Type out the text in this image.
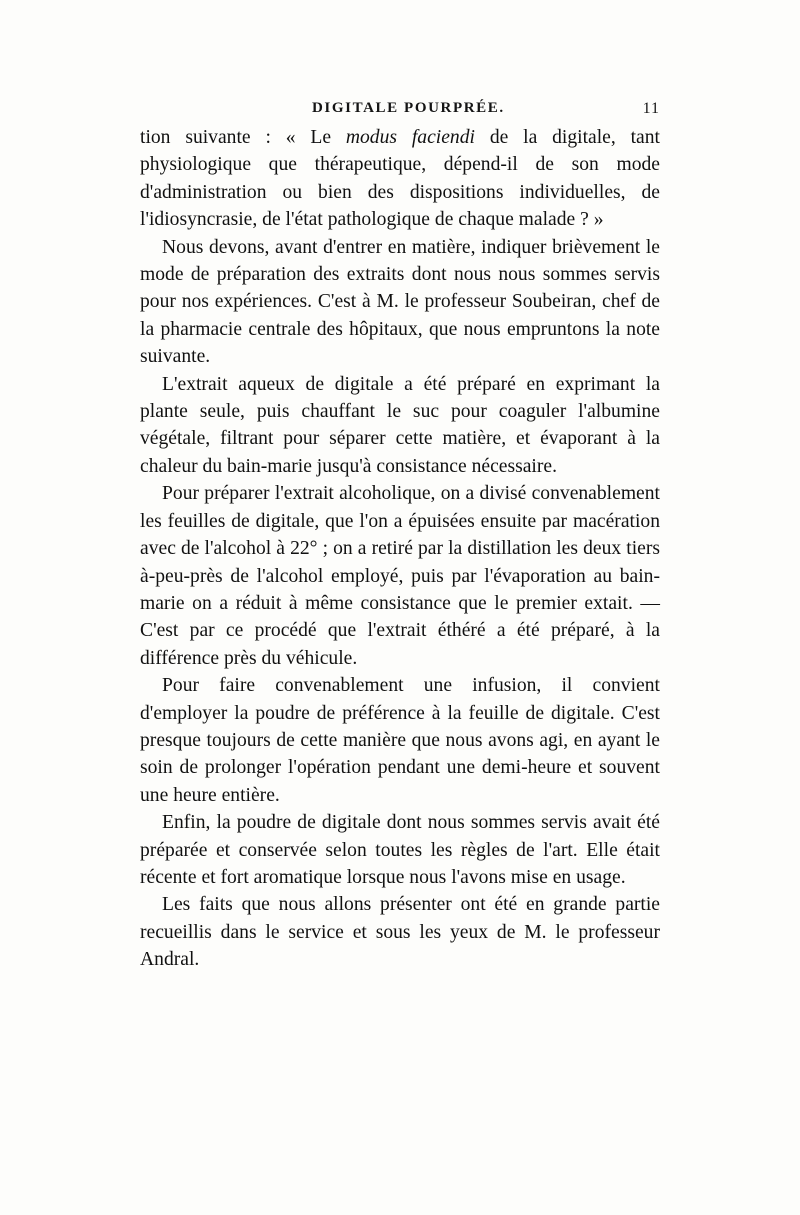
DIGITALE POURPRÉE.	11

tion suivante : « Le modus faciendi de la digitale, tant physiologique que thérapeutique, dépend-il de son mode d'administration ou bien des dispositions individuelles, de l'idiosyncrasie, de l'état pathologique de chaque malade ? »

Nous devons, avant d'entrer en matière, indiquer brièvement le mode de préparation des extraits dont nous nous sommes servis pour nos expériences. C'est à M. le professeur Soubeiran, chef de la pharmacie centrale des hôpitaux, que nous empruntons la note suivante.

L'extrait aqueux de digitale a été préparé en exprimant la plante seule, puis chauffant le suc pour coaguler l'albumine végétale, filtrant pour séparer cette matière, et évaporant à la chaleur du bain-marie jusqu'à consistance nécessaire.

Pour préparer l'extrait alcoholique, on a divisé convenablement les feuilles de digitale, que l'on a épuisées ensuite par macération avec de l'alcohol à 22° ; on a retiré par la distillation les deux tiers à-peu-près de l'alcohol employé, puis par l'évaporation au bain-marie on a réduit à même consistance que le premier extait. — C'est par ce procédé que l'extrait éthéré a été préparé, à la différence près du véhicule.

Pour faire convenablement une infusion, il convient d'employer la poudre de préférence à la feuille de digitale. C'est presque toujours de cette manière que nous avons agi, en ayant le soin de prolonger l'opération pendant une demi-heure et souvent une heure entière.

Enfin, la poudre de digitale dont nous sommes servis avait été préparée et conservée selon toutes les règles de l'art. Elle était récente et fort aromatique lorsque nous l'avons mise en usage.

Les faits que nous allons présenter ont été en grande partie recueillis dans le service et sous les yeux de M. le professeur Andral.
